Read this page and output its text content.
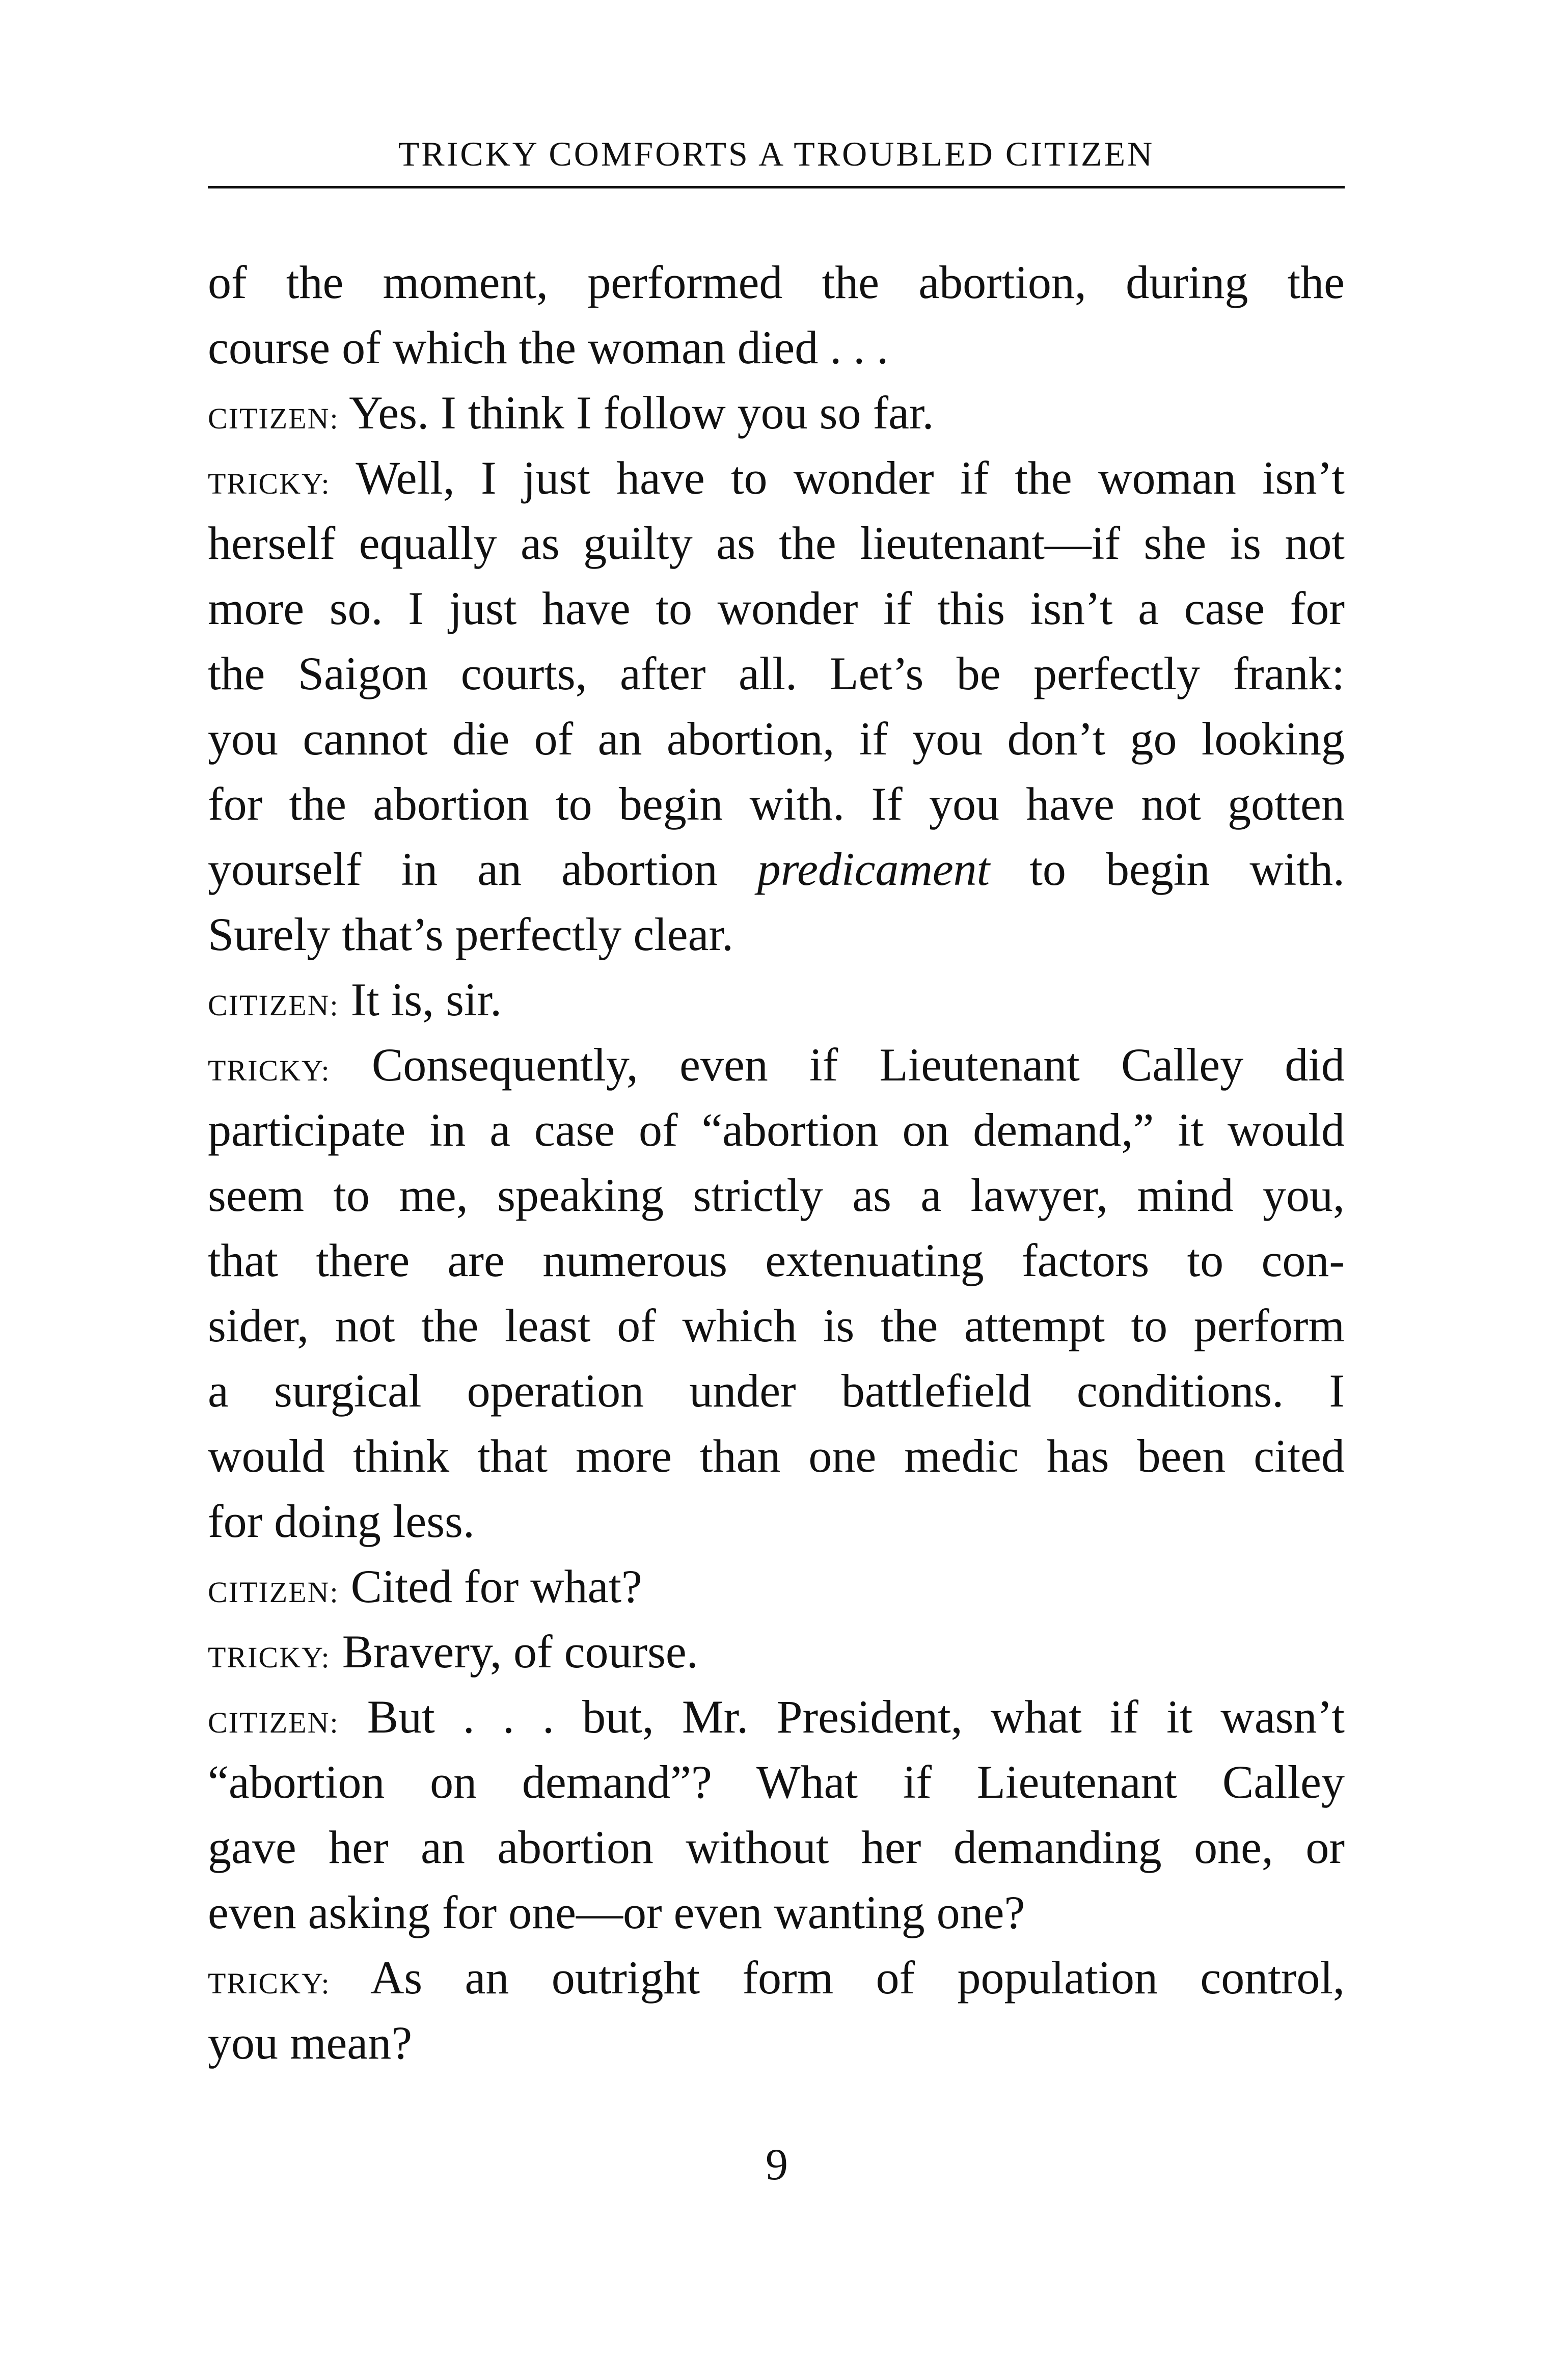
TRICKY COMFORTS A TROUBLED CITIZEN
of the moment, performed the abortion, during the
course of which the woman died . . .
CITIZEN: Yes. I think I follow you so far.
TRICKY: Well, I just have to wonder if the woman isn’t
herself equally as guilty as the lieutenant—if she is not
more so. I just have to wonder if this isn’t a case for
the Saigon courts, after all. Let’s be perfectly frank:
you cannot die of an abortion, if you don’t go looking
for the abortion to begin with. If you have not gotten
yourself in an abortion predicament to begin with.
Surely that’s perfectly clear.
CITIZEN: It is, sir.
TRICKY: Consequently, even if Lieutenant Calley did
participate in a case of “abortion on demand,” it would
seem to me, speaking strictly as a lawyer, mind you,
that there are numerous extenuating factors to con-
sider, not the least of which is the attempt to perform
a surgical operation under battlefield conditions. I
would think that more than one medic has been cited
for doing less.
CITIZEN: Cited for what?
TRICKY: Bravery, of course.
CITIZEN: But . . . but, Mr. President, what if it wasn’t
“abortion on demand”? What if Lieutenant Calley
gave her an abortion without her demanding one, or
even asking for one—or even wanting one?
TRICKY: As an outright form of population control,
you mean?
9
